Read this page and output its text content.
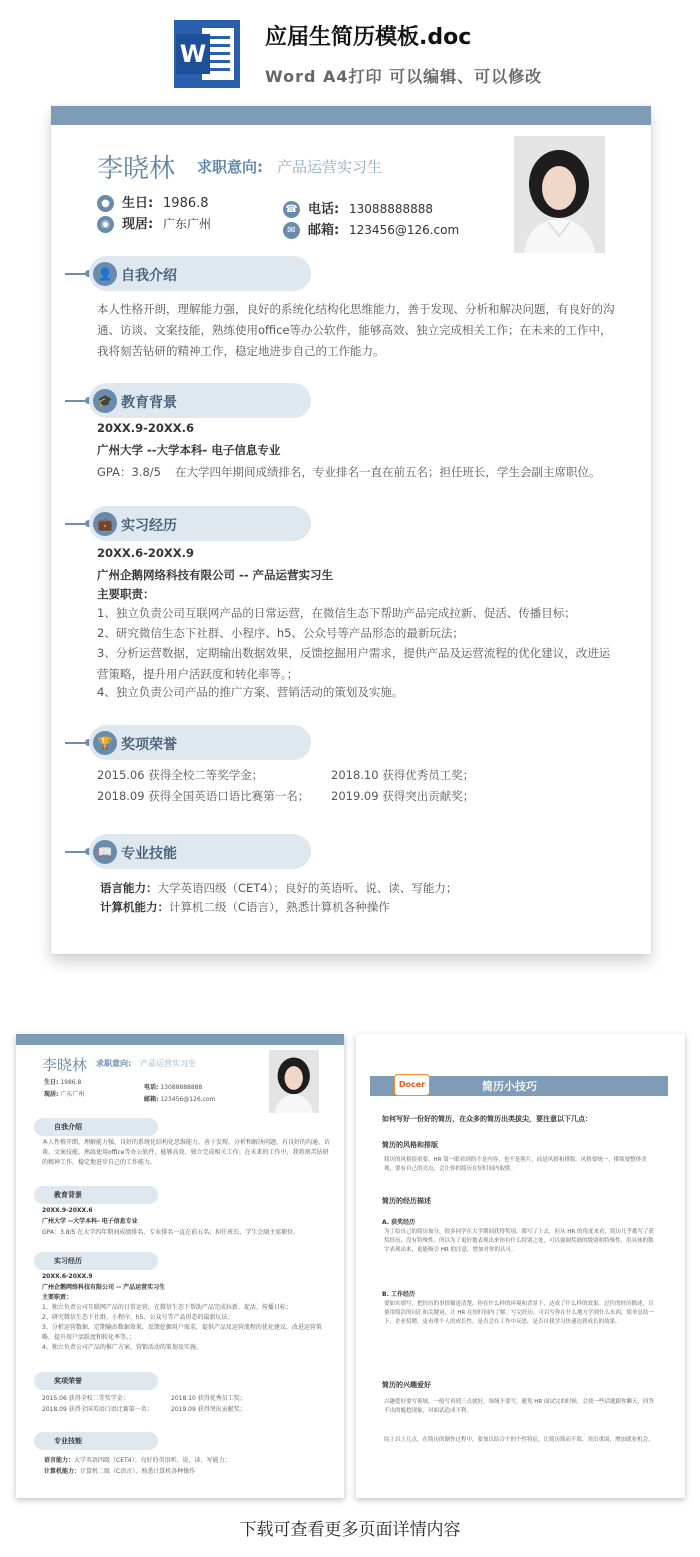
W
应届生简历模板.doc
Word A4打印 可以编辑、可以修改
李晓林 求职意向: 产品运营实习生
● 生日: 1986.8
◉ 现居: 广东广州
☎ 电话: 13088888888
✉ 邮箱: 123456@126.com
👤 自我介绍
本人性格开朗，理解能力强，良好的系统化结构化思维能力，善于发现、分析和解决问题，有良好的沟通、访谈、文案技能，熟练使用office等办公软件，能够高效、独立完成相关工作；在未来的工作中，我将刻苦钻研的精神工作，稳定地进步自己的工作能力。
🎓 教育背景
20XX.9-20XX.6
广州大学 --大学本科- 电子信息专业
GPA：3.8/5 在大学四年期间成绩排名，专业排名一直在前五名；担任班长，学生会副主席职位。
💼 实习经历
20XX.6-20XX.9
广州企鹅网络科技有限公司 -- 产品运营实习生
主要职责：
1、独立负责公司互联网产品的日常运营，在微信生态下帮助产品完成拉新、促活、传播目标；
2、研究微信生态下社群、小程序、h5、公众号等产品形态的最新玩法；
3、分析运营数据，定期输出数据效果，反馈挖掘用户需求，提供产品及运营流程的优化建议，改进运营策略，提升用户活跃度和转化率等。；
4、独立负责公司产品的推广方案、营销活动的策划及实施。
🏆 奖项荣誉
2015.06 获得全校二等奖学金；	2018.10 获得优秀员工奖；
2018.09 获得全国英语口语比赛第一名；	2019.09 获得突出贡献奖；
📖 专业技能
语言能力：大学英语四级（CET4）；良好的英语听、说、读、写能力；
计算机能力：计算机二级（C语言），熟悉计算机各种操作
李晓林 求职意向: 产品运营实习生
生日: 1986.8
现居: 广东广州
电话: 13088888888
邮箱: 123456@126.com
自我介绍
本人性格开朗，理解能力强，良好的系统化结构化思维能力，善于发现、分析和解决问题，有良好的沟通、访谈、文案技能，熟练使用office等办公软件，能够高效、独立完成相关工作；在未来的工作中，我将刻苦钻研的精神工作，稳定地进步自己的工作能力。
教育背景
20XX.9-20XX.6
广州大学 --大学本科- 电子信息专业
GPA：3.8/5 在大学四年期间成绩排名，专业排名一直在前五名；担任班长，学生会副主席职位。
实习经历
20XX.6-20XX.9
广州企鹅网络科技有限公司 -- 产品运营实习生
主要职责：
1、独立负责公司互联网产品的日常运营，在微信生态下帮助产品完成拉新、促活、传播目标；
2、研究微信生态下社群、小程序、h5、公众号等产品形态的最新玩法；
3、分析运营数据，定期输出数据效果，反馈挖掘用户需求，提供产品及运营流程的优化建议，改进运营策略，提升用户活跃度和转化率等。；
4、独立负责公司产品的推广方案、营销活动的策划及实施。
奖项荣誉
2015.06 获得全校二等奖学金；	2018.10 获得优秀员工奖；
2018.09 获得全国英语口语比赛第一名；	2019.09 获得突出贡献奖；
专业技能
语言能力：大学英语四级（CET4）；良好的英语听、说、读、写能力；
计算机能力：计算机二级（C语言），熟悉计算机各种操作
Docer	简历小技巧
如何写好一份好的简历，在众多的简历出类拔尖，要注意以下几点：
简历的风格和排版
简历的风格很重要，HR 第一眼看到的不是内容，也不是照片，而是风格和排版。风格要统一，排版要整体美观，要有自己的亮点，会让你的简历在短时间内取胜。
简历的经历描述
A. 获奖经历
为了给自己的简历加分，很多同学在大学期间获得奖项，都写了上去，但从 HR 的角度来看，简历几乎都写了获奖经历，没有特殊性。所以为了更好地表现出来你有什么特别之处，可以强调奖励的级别和特殊性，用具体的数字表现出来，更能吸引 HR 的注意，增加对你的认可。
B. 工作经历
要如实填写，把经历的事情描述清楚，你在什么样的环境和背景下，达成了什么样的效果。过往的经历描述，尽量用简洁的词汇和关键词，让 HR 在短时间内了解。写完经历，可以写你在什么地方学到什么东西，简单总结一下，企业招聘，更看重个人的成长性，是否会在工作中反思，是否自我学习快速达到成长的效果。
简历的兴趣爱好
兴趣爱好要写领域，一般写再到三点就好，领域不要写，避免 HR 面试完的时候，会找一些话题跟你聊天，回答不出的尴尬现象，对面试造成不利。
综上以上几点，在简历的制作过程中，要加以结合个的个性特征，让简历简而不简，突出重围，增加就业机会。
下载可查看更多页面详情内容
